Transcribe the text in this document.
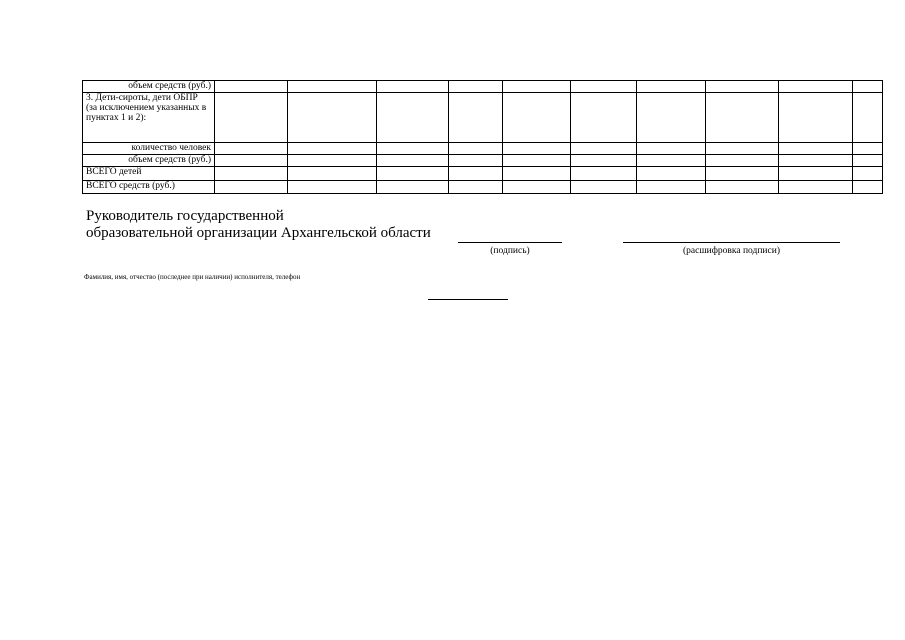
объем средств (руб.)										
3. Дети-сироты, дети ОБПР (за исключением указанных в пунктах 1 и 2):										
количество человек										
объем средств (руб.)										
ВСЕГО детей										
ВСЕГО средств (руб.)										
Руководитель государственной
образовательной организации Архангельской области
(подпись)	(расшифровка подписи)
Фамилия, имя, отчество (последнее при наличии) исполнителя, телефон
